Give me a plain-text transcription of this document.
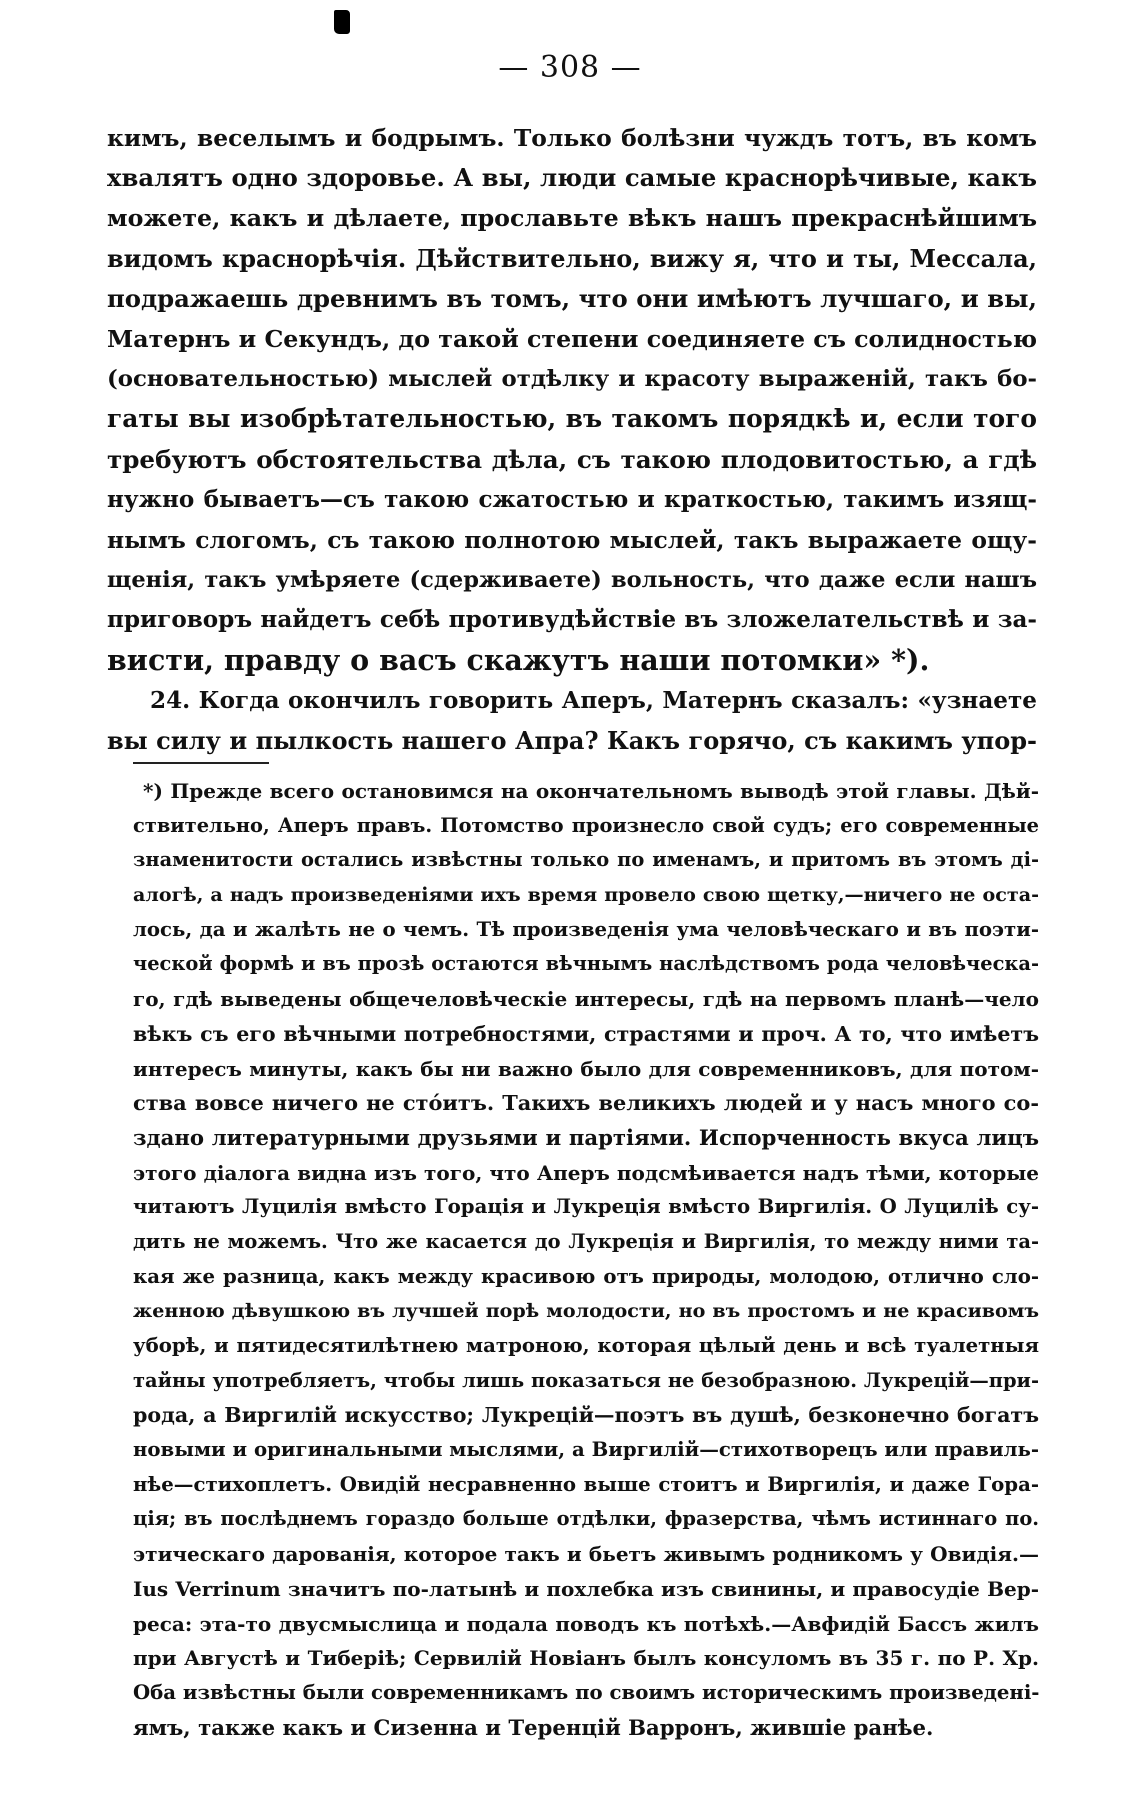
— 308 —
кимъ, веселымъ и бодрымъ. Только болѣзни чуждъ тотъ, въ комъ
хвалятъ одно здоровье. А вы, люди самые краснорѣчивые, какъ
можете, какъ и дѣлаете, прославьте вѣкъ нашъ прекраснѣйшимъ
видомъ краснорѣчія. Дѣйствительно, вижу я, что и ты, Мессала,
подражаешь древнимъ въ томъ, что они имѣютъ лучшаго, и вы,
Матернъ и Секундъ, до такой степени соединяете съ солидностью
(основательностью) мыслей отдѣлку и красоту выраженій, такъ бо-
гаты вы изобрѣтательностью, въ такомъ порядкѣ и, если того
требуютъ обстоятельства дѣла, съ такою плодовитостью, а гдѣ
нужно бываетъ—съ такою сжатостью и краткостью, такимъ изящ-
нымъ слогомъ, съ такою полнотою мыслей, такъ выражаете ощу-
щенія, такъ умѣряете (сдерживаете) вольность, что даже если нашъ
приговоръ найдетъ себѣ противудѣйствіе въ зложелательствѣ и за-
висти, правду о васъ скажутъ наши потомки» *).
24. Когда окончилъ говорить Аперъ, Матернъ сказалъ: «узнаете
вы силу и пылкость нашего Апра? Какъ горячо, съ какимъ упор-
*) Прежде всего остановимся на окончательномъ выводѣ этой главы. Дѣй-
ствительно, Аперъ правъ. Потомство произнесло свой судъ; его современные
знаменитости остались извѣстны только по именамъ, и притомъ въ этомъ ді-
алогѣ, а надъ произведеніями ихъ время провело свою щетку,—ничего не оста-
лось, да и жалѣть не о чемъ. Тѣ произведенія ума человѣческаго и въ поэти-
ческой формѣ и въ прозѣ остаются вѣчнымъ наслѣдствомъ рода человѣческа-
го, гдѣ выведены общечеловѣческіе интересы, гдѣ на первомъ планѣ—чело
вѣкъ съ его вѣчными потребностями, страстями и проч. А то, что имѣетъ
интересъ минуты, какъ бы ни важно было для современниковъ, для потом-
ства вовсе ничего не стóитъ. Такихъ великихъ людей и у насъ много со-
здано литературными друзьями и партіями. Испорченность вкуса лицъ
этого діалога видна изъ того, что Аперъ подсмѣивается надъ тѣми, которые
читаютъ Луцилія вмѣсто Горація и Лукреція вмѣсто Виргилія. О Луцилiѣ су-
дить не можемъ. Что же касается до Лукреція и Виргилія, то между ними та-
кая же разница, какъ между красивою отъ природы, молодою, отлично сло-
женною дѣвушкою въ лучшей порѣ молодости, но въ простомъ и не красивомъ
уборѣ, и пятидесятилѣтнею матроною, которая цѣлый день и всѣ туалетныя
тайны употребляетъ, чтобы лишь показаться не безобразною. Лукрецій—при-
рода, а Виргилій искусство; Лукрецій—поэтъ въ душѣ, безконечно богатъ
новыми и оригинальными мыслями, а Виргилій—стихотворецъ или правиль-
нѣе—стихоплетъ. Овидій несравненно выше стоитъ и Виргилія, и даже Гора-
ція; въ послѣднемъ гораздо больше отдѣлки, фразерства, чѣмъ истиннаго по.
этическаго дарованія, которое такъ и бьетъ живымъ родникомъ у Овидія.—
Ius Verrinum значитъ по-латынѣ и похлебка изъ свинины, и правосудіе Вер-
реса: эта-то двусмыслица и подала поводъ къ потѣхѣ.—Авфидій Бассъ жилъ
при Августѣ и Тиберіѣ; Сервилій Новіанъ былъ консуломъ въ 35 г. по Р. Хр.
Оба извѣстны были современникамъ по своимъ историческимъ произведені-
ямъ, также какъ и Сизенна и Теренцій Варронъ, жившіе ранѣе.
